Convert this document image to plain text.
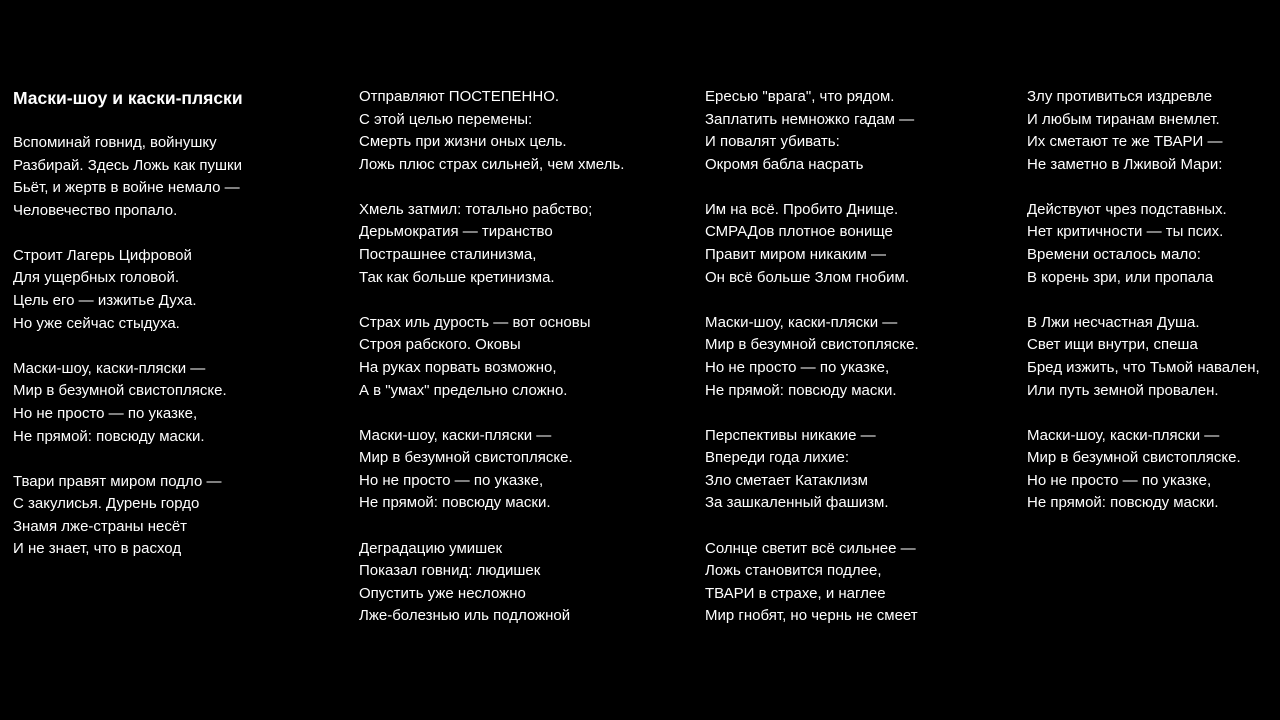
Маски-шоу и каски-пляски
Вспоминай говнид, войнушку
Разбирай. Здесь Ложь как пушки
Бьёт, и жертв в войне немало —
Человечество пропало.
Строит Лагерь Цифровой
Для ущербных головой.
Цель его — изжитье Духа.
Но уже сейчас стыдуха.
Маски-шоу, каски-пляски —
Мир в безумной свистопляске.
Но не просто — по указке,
Не прямой: повсюду маски.
Твари правят миром подло —
С закулисья. Дурень гордо
Знамя лже-страны несёт
И не знает, что в расход
Отправляют ПОСТЕПЕННО.
С этой целью перемены:
Смерть при жизни оных цель.
Ложь плюс страх сильней, чем хмель.
Хмель затмил: тотально рабство;
Дерьмократия — тиранство
Пострашнее сталинизма,
Так как больше кретинизма.
Страх иль дурость — вот основы
Строя рабского. Оковы
На руках порвать возможно,
А в "умах" предельно сложно.
Маски-шоу, каски-пляски —
Мир в безумной свистопляске.
Но не просто — по указке,
Не прямой: повсюду маски.
Деградацию умишек
Показал говнид: людишек
Опустить уже несложно
Лже-болезнью иль подложной
Ересью "врага", что рядом.
Заплатить немножко гадам —
И повалят убивать:
Окромя бабла насрать
Им на всё. Пробито Днище.
СМРАДов плотное вонище
Правит миром никаким —
Он всё больше Злом гнобим.
Маски-шоу, каски-пляски —
Мир в безумной свистопляске.
Но не просто — по указке,
Не прямой: повсюду маски.
Перспективы никакие —
Впереди года лихие:
Зло сметает Катаклизм
За зашкаленный фашизм.
Солнце светит всё сильнее —
Ложь становится подлее,
ТВАРИ в страхе, и наглее
Мир гнобят, но чернь не смеет
Злу противиться издревле
И любым тиранам внемлет.
Их сметают те же ТВАРИ —
Не заметно в Лживой Мари:
Действуют чрез подставных.
Нет критичности — ты псих.
Времени осталось мало:
В корень зри, или пропала
В Лжи несчастная Душа.
Свет ищи внутри, спеша
Бред изжить, что Тьмой навален,
Или путь земной провален.
Маски-шоу, каски-пляски —
Мир в безумной свистопляске.
Но не просто — по указке,
Не прямой: повсюду маски.
